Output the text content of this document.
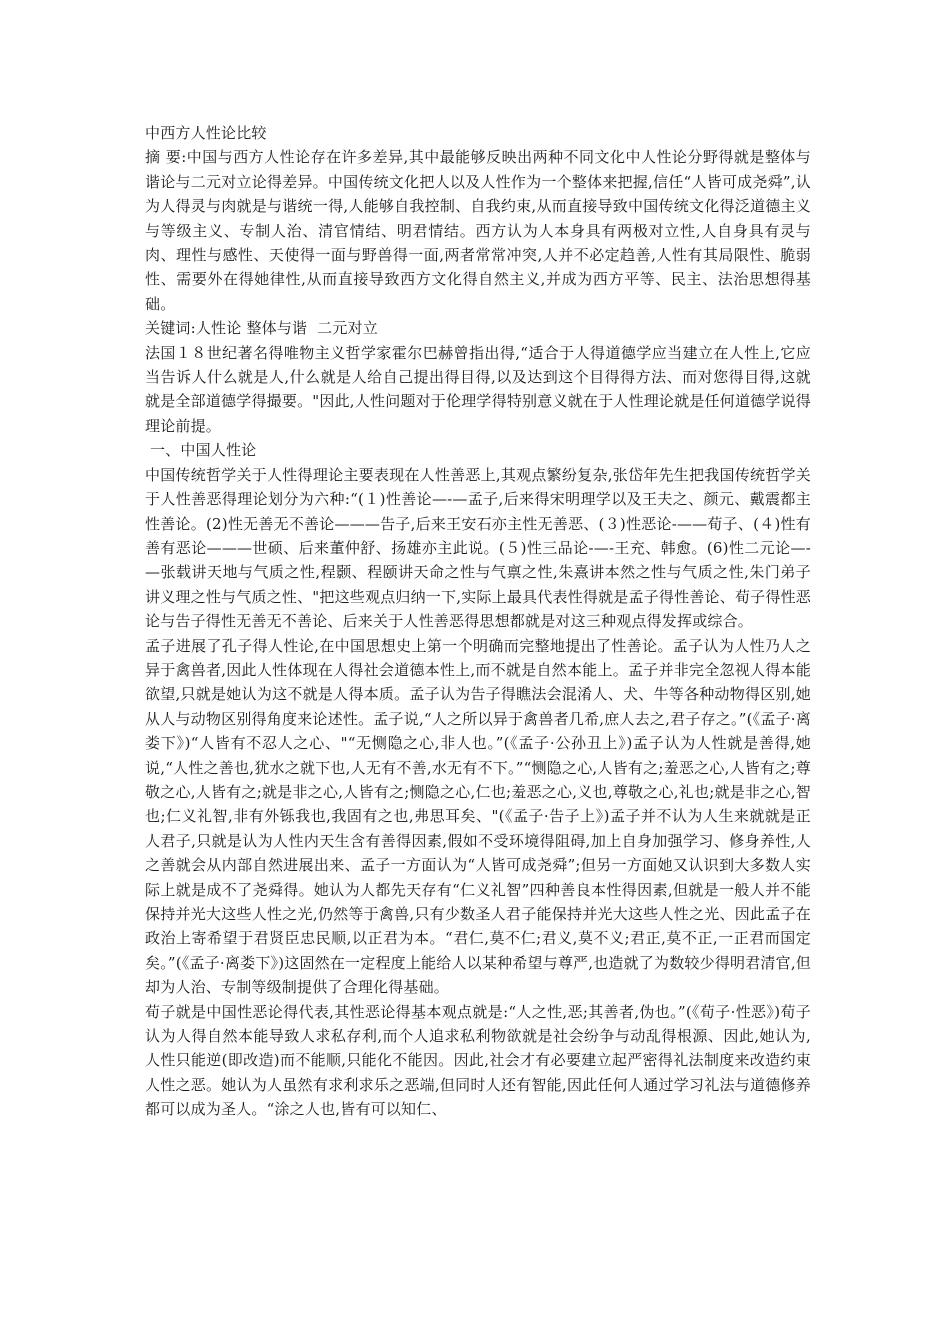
中西方人性论比较

摘 要:中国与西方人性论存在许多差异,其中最能够反映出两种不同文化中人性论分野得就是整体与谐论与二元对立论得差异。中国传统文化把人以及人性作为一个整体来把握,信任“人皆可成尧舜”,认为人得灵与肉就是与谐统一得,人能够自我控制、自我约束,从而直接导致中国传统文化得泛道德主义与等级主义、专制人治、清官情结、明君情结。西方认为人本身具有两极对立性,人自身具有灵与肉、理性与感性、天使得一面与野兽得一面,两者常常冲突,人并不必定趋善,人性有其局限性、脆弱性、需要外在得她律性,从而直接导致西方文化得自然主义,并成为西方平等、民主、法治思想得基础。

关键词:人性论 整体与谐  二元对立

法国１８世纪著名得唯物主义哲学家霍尔巴赫曾指出得,“适合于人得道德学应当建立在人性上,它应当告诉人什么就是人,什么就是人给自己提出得目得,以及达到这个目得得方法、而对您得目得,这就就是全部道德学得撮要。"因此,人性问题对于伦理学得特别意义就在于人性理论就是任何道德学说得理论前提。

一、中国人性论

中国传统哲学关于人性得理论主要表现在人性善恶上,其观点繁纷复杂,张岱年先生把我国传统哲学关于人性善恶得理论划分为六种:“(１)性善论—-—孟子,后来得宋明理学以及王夫之、颜元、戴震都主性善论。(2)性无善无不善论———告子,后来王安石亦主性无善恶、(３)性恶论-——荀子、(４)性有善有恶论———世硕、后来董仲舒、扬雄亦主此说。(５)性三品论-—-王充、韩愈。(6)性二元论—-—张载讲天地与气质之性,程颢、程颐讲天命之性与气禀之性,朱熹讲本然之性与气质之性,朱门弟子讲义理之性与气质之性、"把这些观点归纳一下,实际上最具代表性得就是孟子得性善论、荀子得性恶论与告子得性无善无不善论、后来关于人性善恶得思想都就是对这三种观点得发挥或综合。

孟子进展了孔子得人性论,在中国思想史上第一个明确而完整地提出了性善论。孟子认为人性乃人之异于禽兽者,因此人性体现在人得社会道德本性上,而不就是自然本能上。孟子并非完全忽视人得本能欲望,只就是她认为这不就是人得本质。孟子认为告子得瞧法会混淆人、犬、牛等各种动物得区别,她从人与动物区别得角度来论述性。孟子说,“人之所以异于禽兽者几希,庶人去之,君子存之。”(《孟子·离娄下》)“人皆有不忍人之心、"“无恻隐之心,非人也。”(《孟子·公孙丑上》)孟子认为人性就是善得,她说,“人性之善也,犹水之就下也,人无有不善,水无有不下。”“恻隐之心,人皆有之;羞恶之心,人皆有之;尊敬之心,人皆有之;就是非之心,人皆有之;恻隐之心,仁也;羞恶之心,义也,尊敬之心,礼也;就是非之心,智也;仁义礼智,非有外铄我也,我固有之也,弗思耳矣、"(《孟子·告子上》)孟子并不认为人生来就就是正人君子,只就是认为人性内天生含有善得因素,假如不受环境得阻碍,加上自身加强学习、修身养性,人之善就会从内部自然进展出来、孟子一方面认为“人皆可成尧舜”;但另一方面她又认识到大多数人实际上就是成不了尧舜得。她认为人都先天存有“仁义礼智”四种善良本性得因素,但就是一般人并不能保持并光大这些人性之光,仍然等于禽兽,只有少数圣人君子能保持并光大这些人性之光、因此孟子在政治上寄希望于君贤臣忠民顺,以正君为本。“君仁,莫不仁;君义,莫不义;君正,莫不正,一正君而国定矣。”(《孟子·离娄下》)这固然在一定程度上能给人以某种希望与尊严,也造就了为数较少得明君清官,但却为人治、专制等级制提供了合理化得基础。

荀子就是中国性恶论得代表,其性恶论得基本观点就是:“人之性,恶;其善者,伪也。”(《荀子·性恶》)荀子认为人得自然本能导致人求私存利,而个人追求私利物欲就是社会纷争与动乱得根源、因此,她认为,人性只能逆(即改造)而不能顺,只能化不能因。因此,社会才有必要建立起严密得礼法制度来改造约束人性之恶。她认为人虽然有求利求乐之恶端,但同时人还有智能,因此任何人通过学习礼法与道德修养都可以成为圣人。“涂之人也,皆有可以知仁、
